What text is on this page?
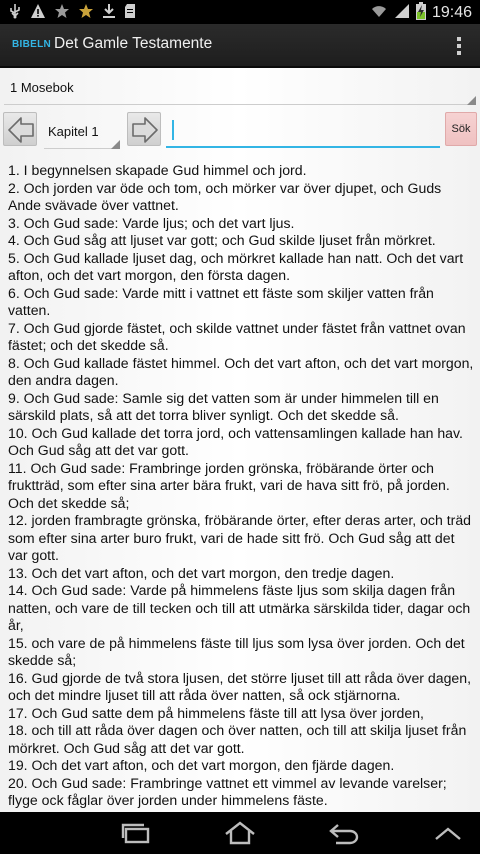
19:46
BIBELN Det Gamle Testamente
1 Mosebok
Kapitel 1	Sök
1. I begynnelsen skapade Gud himmel och jord.
2. Och jorden var öde och tom, och mörker var över djupet, och Guds Ande svävade över vattnet.
3. Och Gud sade: Varde ljus; och det vart ljus.
4. Och Gud såg att ljuset var gott; och Gud skilde ljuset från mörkret.
5. Och Gud kallade ljuset dag, och mörkret kallade han natt. Och det vart afton, och det vart morgon, den första dagen.
6. Och Gud sade: Varde mitt i vattnet ett fäste som skiljer vatten från vatten.
7. Och Gud gjorde fästet, och skilde vattnet under fästet från vattnet ovan fästet; och det skedde så.
8. Och Gud kallade fästet himmel. Och det vart afton, och det vart morgon, den andra dagen.
9. Och Gud sade: Samle sig det vatten som är under himmelen till en särskild plats, så att det torra bliver synligt. Och det skedde så.
10. Och Gud kallade det torra jord, och vattensamlingen kallade han hav. Och Gud såg att det var gott.
11. Och Gud sade: Frambringe jorden grönska, fröbärande örter och fruktträd, som efter sina arter bära frukt, vari de hava sitt frö, på jorden. Och det skedde så;
12. jorden frambragte grönska, fröbärande örter, efter deras arter, och träd som efter sina arter buro frukt, vari de hade sitt frö. Och Gud såg att det var gott.
13. Och det vart afton, och det vart morgon, den tredje dagen.
14. Och Gud sade: Varde på himmelens fäste ljus som skilja dagen från natten, och vare de till tecken och till att utmärka särskilda tider, dagar och år,
15. och vare de på himmelens fäste till ljus som lysa över jorden. Och det skedde så;
16. Gud gjorde de två stora ljusen, det större ljuset till att råda över dagen, och det mindre ljuset till att råda över natten, så ock stjärnorna.
17. Och Gud satte dem på himmelens fäste till att lysa över jorden,
18. och till att råda över dagen och över natten, och till att skilja ljuset från mörkret. Och Gud såg att det var gott.
19. Och det vart afton, och det vart morgon, den fjärde dagen.
20. Och Gud sade: Frambringe vattnet ett vimmel av levande varelser; flyge ock fåglar över jorden under himmelens fäste.
